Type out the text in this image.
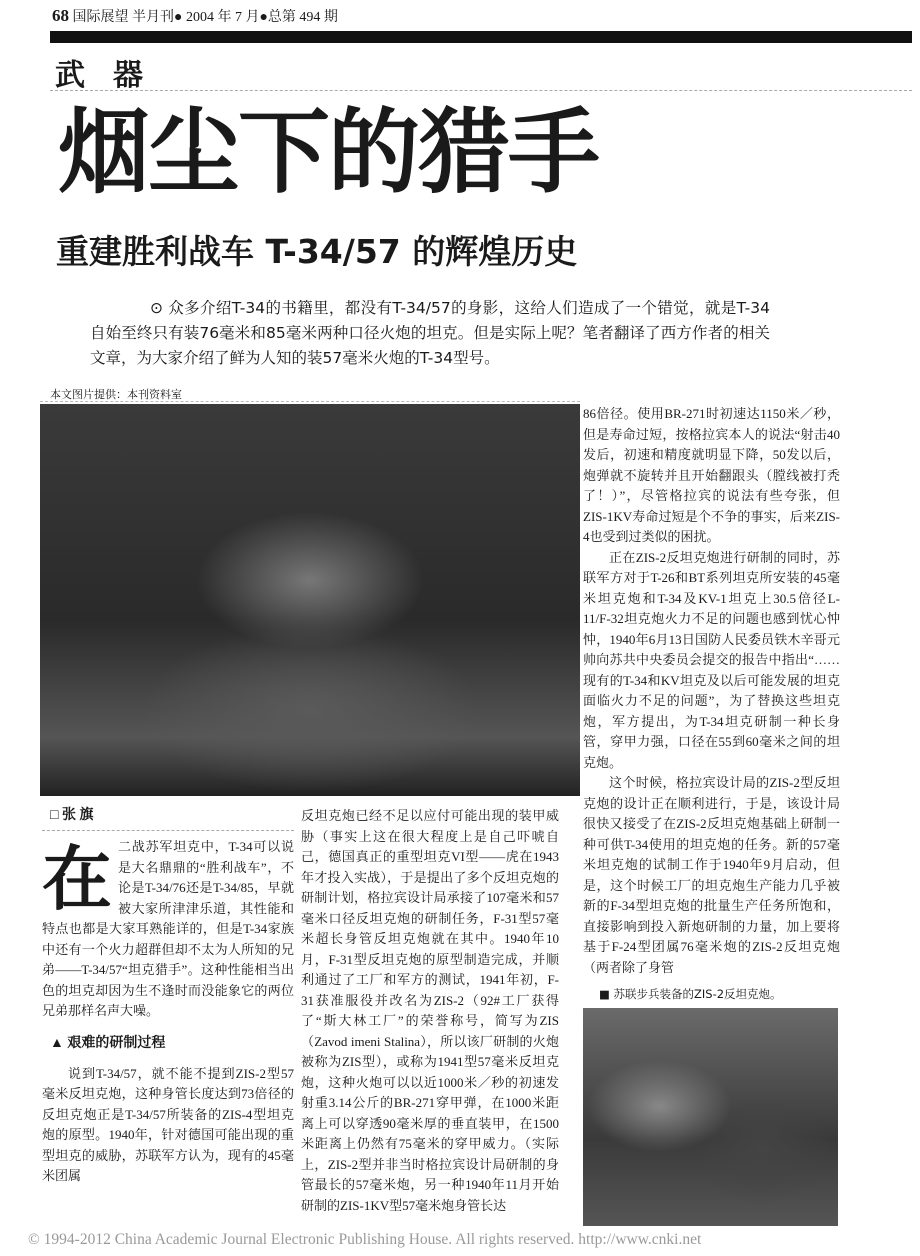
68 国际展望 半月刊● 2004 年 7 月●总第 494 期
武器
烟尘下的猎手
重建胜利战车 T-34/57 的辉煌历史
⊙ 众多介绍T-34的书籍里，都没有T-34/57的身影，这给人们造成了一个错觉，就是T-34自始至终只有装76毫米和85毫米两种口径火炮的坦克。但是实际上呢？笔者翻译了西方作者的相关文章，为大家介绍了鲜为人知的装57毫米火炮的T-34型号。
本文图片提供：本刊资料室

86倍径。使用BR-271时初速达1150米／秒，但是寿命过短，按格拉宾本人的说法“射击40发后，初速和精度就明显下降，50发以后，炮弹就不旋转并且开始翻跟头（膛线被打秃了！）”，尽管格拉宾的说法有些夸张，但ZIS-1KV寿命过短是个不争的事实，后来ZIS-4也受到过类似的困扰。

正在ZIS-2反坦克炮进行研制的同时，苏联军方对于T-26和BT系列坦克所安装的45毫米坦克炮和T-34及KV-1坦克上30.5倍径L-11/F-32坦克炮火力不足的问题也感到忧心忡忡，1940年6月13日国防人民委员铁木辛哥元帅向苏共中央委员会提交的报告中指出“……现有的T-34和KV坦克及以后可能发展的坦克面临火力不足的问题”，为了替换这些坦克炮，军方提出，为T-34坦克研制一种长身管，穿甲力强，口径在55到60毫米之间的坦克炮。

这个时候，格拉宾设计局的ZIS-2型反坦克炮的设计正在顺利进行，于是，该设计局很快又接受了在ZIS-2反坦克炮基础上研制一种可供T-34使用的坦克炮的任务。新的57毫米坦克炮的试制工作于1940年9月启动，但是，这个时候工厂的坦克炮生产能力几乎被新的F-34型坦克炮的批量生产任务所饱和，直接影响到投入新炮研制的力量，加上要将基于F-24型团属76毫米炮的ZIS-2反坦克炮（两者除了身管

■ 苏联步兵装备的ZIS-2反坦克炮。
□ 张 旗
在 二战苏军坦克中，T-34可以说是大名鼎鼎的“胜利战车”，不论是T-34/76还是T-34/85，早就被大家所津津乐道，其性能和特点也都是大家耳熟能详的，但是T-34家族中还有一个火力超群但却不太为人所知的兄弟——T-34/57“坦克猎手”。这种性能相当出色的坦克却因为生不逢时而没能象它的两位兄弟那样名声大噪。

▲ 艰难的研制过程

说到T-34/57，就不能不提到ZIS-2型57毫米反坦克炮，这种身管长度达到73倍径的反坦克炮正是T-34/57所装备的ZIS-4型坦克炮的原型。1940年，针对德国可能出现的重型坦克的威胁，苏联军方认为，现有的45毫米团属

反坦克炮已经不足以应付可能出现的装甲威胁（事实上这在很大程度上是自己吓唬自己，德国真正的重型坦克VI型——虎在1943年才投入实战），于是提出了多个反坦克炮的研制计划，格拉宾设计局承接了107毫米和57毫米口径反坦克炮的研制任务，F-31型57毫米超长身管反坦克炮就在其中。1940年10月，F-31型反坦克炮的原型制造完成，并顺利通过了工厂和军方的测试，1941年初，F-31获准服役并改名为ZIS-2（92#工厂获得了“斯大林工厂”的荣誉称号，简写为ZIS（Zavod imeni Stalina），所以该厂研制的火炮被称为ZIS型），或称为1941型57毫米反坦克炮，这种火炮可以以近1000米／秒的初速发射重3.14公斤的BR-271穿甲弹，在1000米距离上可以穿透90毫米厚的垂直装甲，在1500米距离上仍然有75毫米的穿甲威力。（实际上，ZIS-2型并非当时格拉宾设计局研制的身管最长的57毫米炮，另一种1940年11月开始研制的ZIS-1KV型57毫米炮身管长达

© 1994-2012 China Academic Journal Electronic Publishing House. All rights reserved. http://www.cnki.net
